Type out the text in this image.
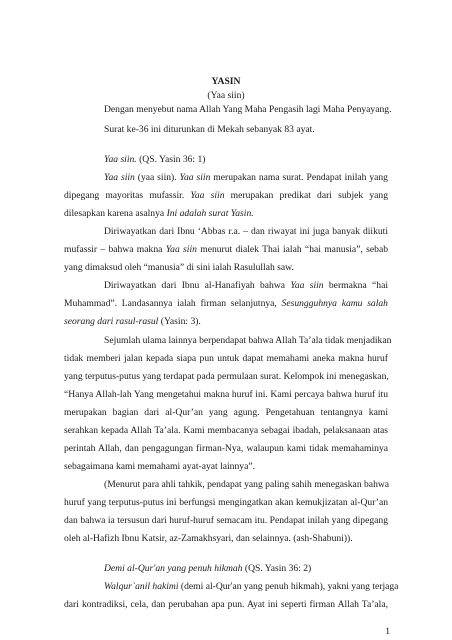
YASIN
(Yaa siin)
Dengan menyebut nama Allah Yang Maha Pengasih lagi Maha Penyayang.
Surat ke-36 ini diturunkan di Mekah sebanyak 83 ayat.
Yaa siin. (QS. Yasin 36: 1)
Yaa siin (yaa siin). Yaa siin merupakan nama surat. Pendapat inilah yang
dipegang mayoritas mufassir. Yaa siin merupakan predikat dari subjek yang
dilesapkan karena asalnya Ini adalah surat Yasin.
Diriwayatkan dari Ibnu ‘Abbas r.a. – dan riwayat ini juga banyak diikuti
mufassir – bahwa makna Yaa siin menurut dialek Thai ialah “hai manusia”, sebab
yang dimaksud oleh “manusia” di sini ialah Rasulullah saw.
Diriwayatkan dari Ibnu al-Hanafiyah bahwa Yaa siin bermakna “hai
Muhammad”. Landasannya ialah firman selanjutnya, Sesungguhnya kamu salah
seorang dari rasul-rasul (Yasin: 3).
Sejumlah ulama lainnya berpendapat bahwa Allah Ta’ala tidak menjadikan
tidak memberi jalan kepada siapa pun untuk dapat memahami aneka makna huruf
yang terputus-putus yang terdapat pada permulaan surat. Kelompok ini menegaskan,
“Hanya Allah-lah Yang mengetahui makna huruf ini. Kami percaya bahwa huruf itu
merupakan bagian dari al-Qur’an yang agung. Pengetahuan tentangnya kami
serahkan kepada Allah Ta’ala. Kami membacanya sebagai ibadah, pelaksanaan atas
perintah Allah, dan pengagungan firman-Nya, walaupun kami tidak memahaminya
sebagaimana kami memahami ayat-ayat lainnya”.
(Menurut para ahli tahkik, pendapat yang paling sahih menegaskan bahwa
huruf yang terputus-putus ini berfungsi mengingatkan akan kemukjizatan al-Qur’an
dan bahwa ia tersusun dari huruf-huruf semacam itu. Pendapat inilah yang dipegang
oleh al-Hafizh Ibnu Katsir, az-Zamakhsyari, dan selainnya. (ash-Shabuni)).
Demi al-Qur'an yang penuh hikmah (QS. Yasin 36: 2)
Walqur`anil hakimi (demi al-Qur'an yang penuh hikmah), yakni yang terjaga
dari kontradiksi, cela, dan perubahan apa pun. Ayat ini seperti firman Allah Ta’ala,
1
